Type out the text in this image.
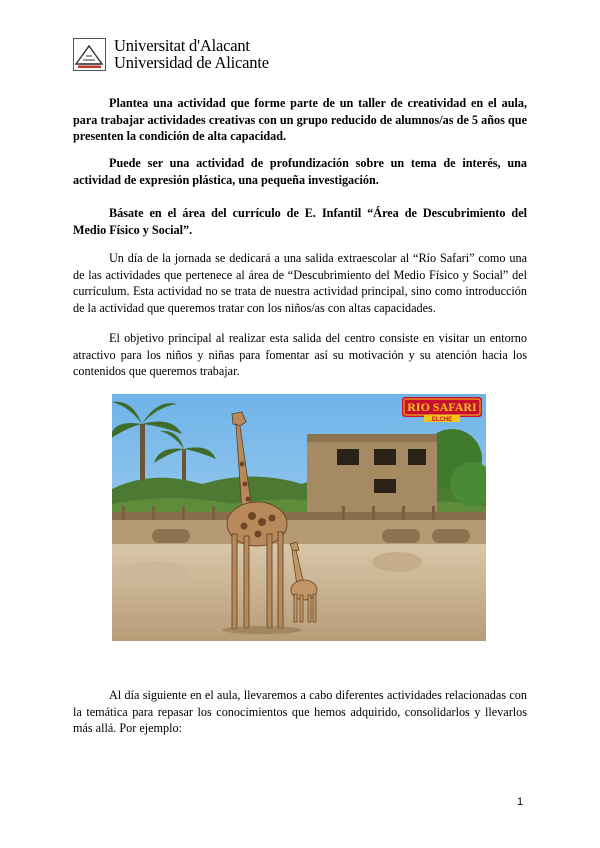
Universitat d'Alacant
Universidad de Alicante

Plantea una actividad que forme parte de un taller de creatividad en el aula, para trabajar actividades creativas con un grupo reducido de alumnos/as de 5 años que presenten la condición de alta capacidad.

Puede ser una actividad de profundización sobre un tema de interés, una actividad de expresión plástica, una pequeña investigación.

Básate en el área del currículo de E. Infantil “Área de Descubrimiento del Medio Físico y Social”.

Un día de la jornada se dedicará a una salida extraescolar al “Río Safari” como una de las actividades que pertenece al área de “Descubrimiento del Medio Físico y Social” del currículum. Esta actividad no se trata de nuestra actividad principal, sino como introducción de la actividad que queremos tratar con los niños/as con altas capacidades.

El objetivo principal al realizar esta salida del centro consiste en visitar un entorno atractivo para los niños y niñas para fomentar así su motivación y su atención hacia los contenidos que queremos trabajar.

RIO SAFARI
ELCHE

Al día siguiente en el aula, llevaremos a cabo diferentes actividades relacionadas con la temática para repasar los conocimientos que hemos adquirido, consolidarlos y llevarlos más allá. Por ejemplo:

1
